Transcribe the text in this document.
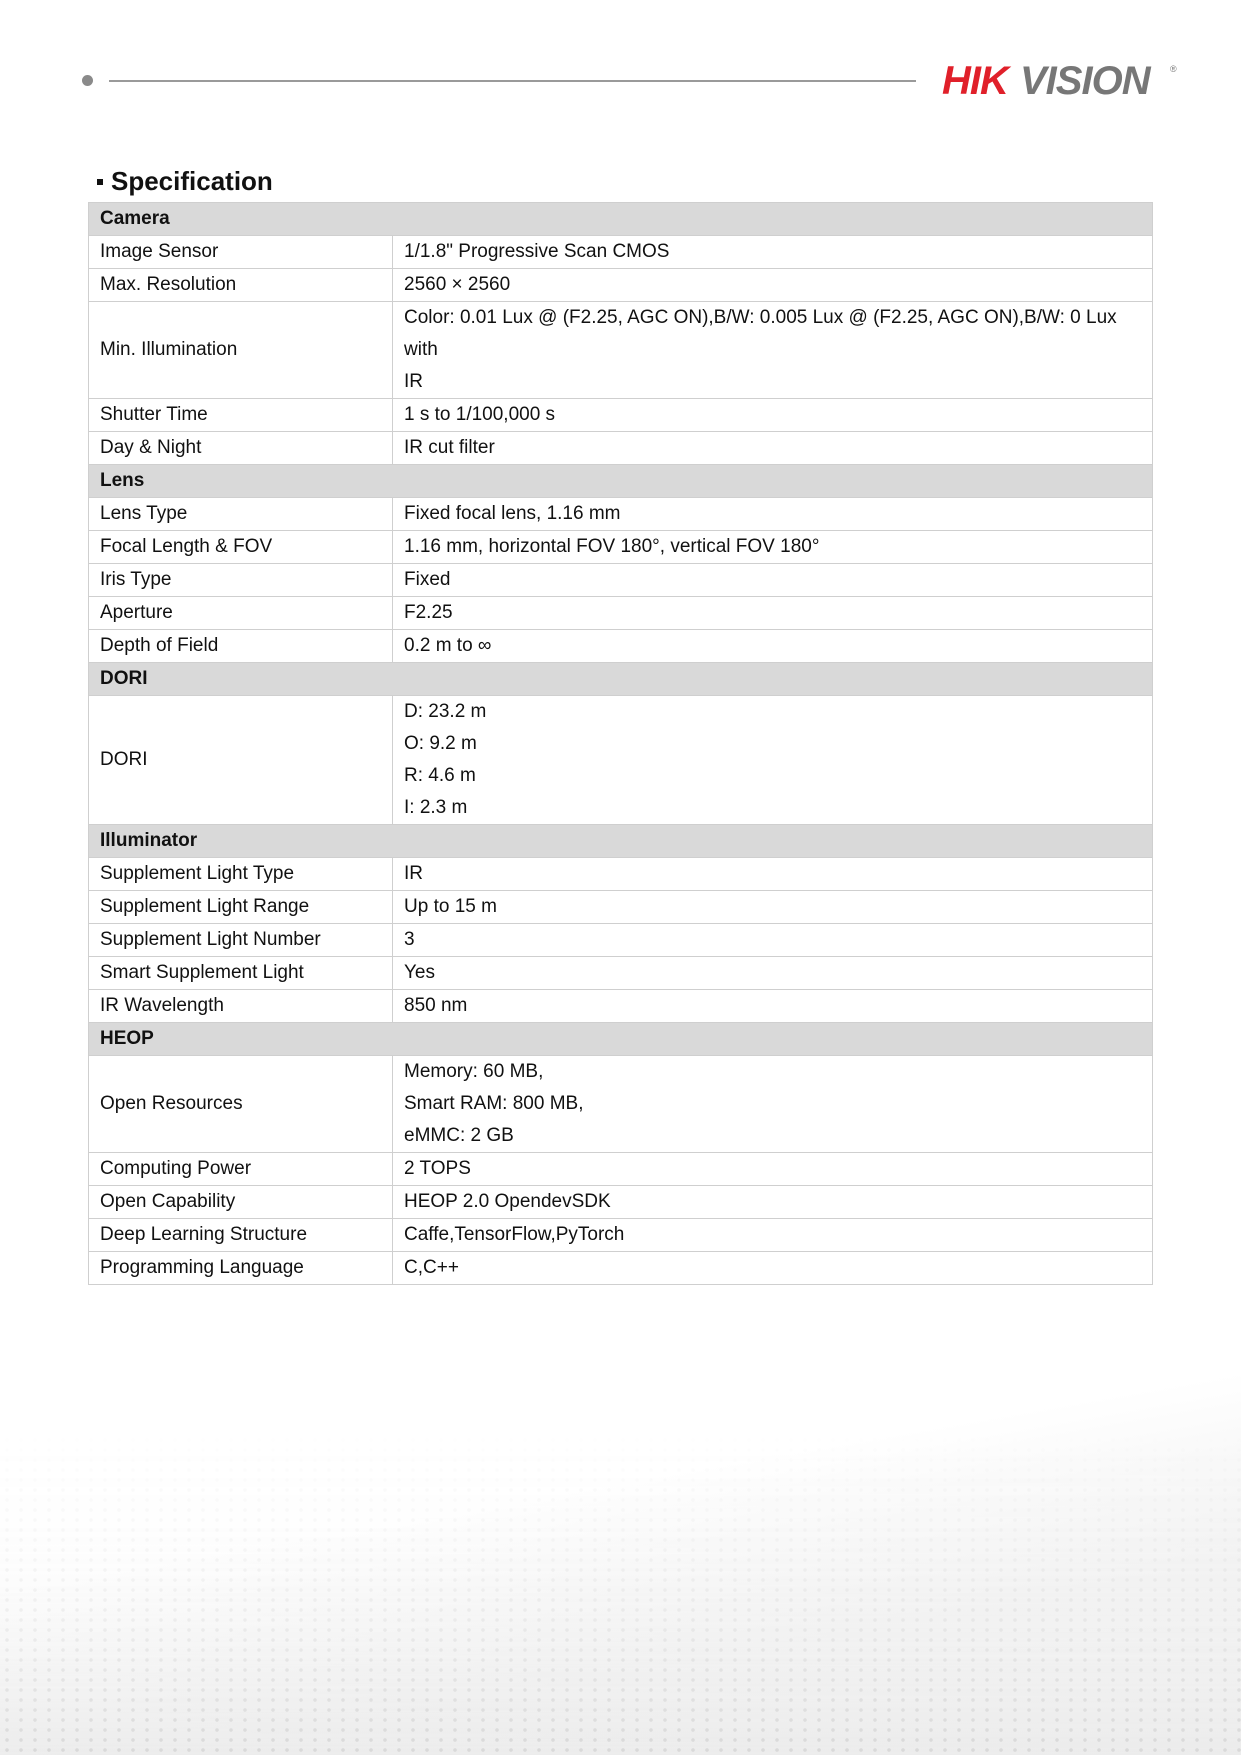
HIK VISION ®
Specification
Camera	
Image Sensor	1/1.8" Progressive Scan CMOS

Max. Resolution	2560 × 2560

Min. Illumination	Color: 0.01 Lux @ (F2.25, AGC ON),B/W: 0.005 Lux @ (F2.25, AGC ON),B/W: 0 Lux with
IR

Shutter Time	1 s to 1/100,000 s

Day & Night	IR cut filter

Lens	
Lens Type	Fixed focal lens, 1.16 mm

Focal Length & FOV	1.16 mm, horizontal FOV 180°, vertical FOV 180°

Iris Type	Fixed

Aperture	F2.25

Depth of Field	0.2 m to ∞

DORI	
DORI	D: 23.2 m
O: 9.2 m
R: 4.6 m
I: 2.3 m

Illuminator	
Supplement Light Type	IR

Supplement Light Range	Up to 15 m

Supplement Light Number	3

Smart Supplement Light	Yes

IR Wavelength	850 nm

HEOP	
Open Resources	Memory: 60 MB,
Smart RAM: 800 MB,
eMMC: 2 GB

Computing Power	2 TOPS

Open Capability	HEOP 2.0 OpendevSDK

Deep Learning Structure	Caffe,TensorFlow,PyTorch

Programming Language	C,C++
